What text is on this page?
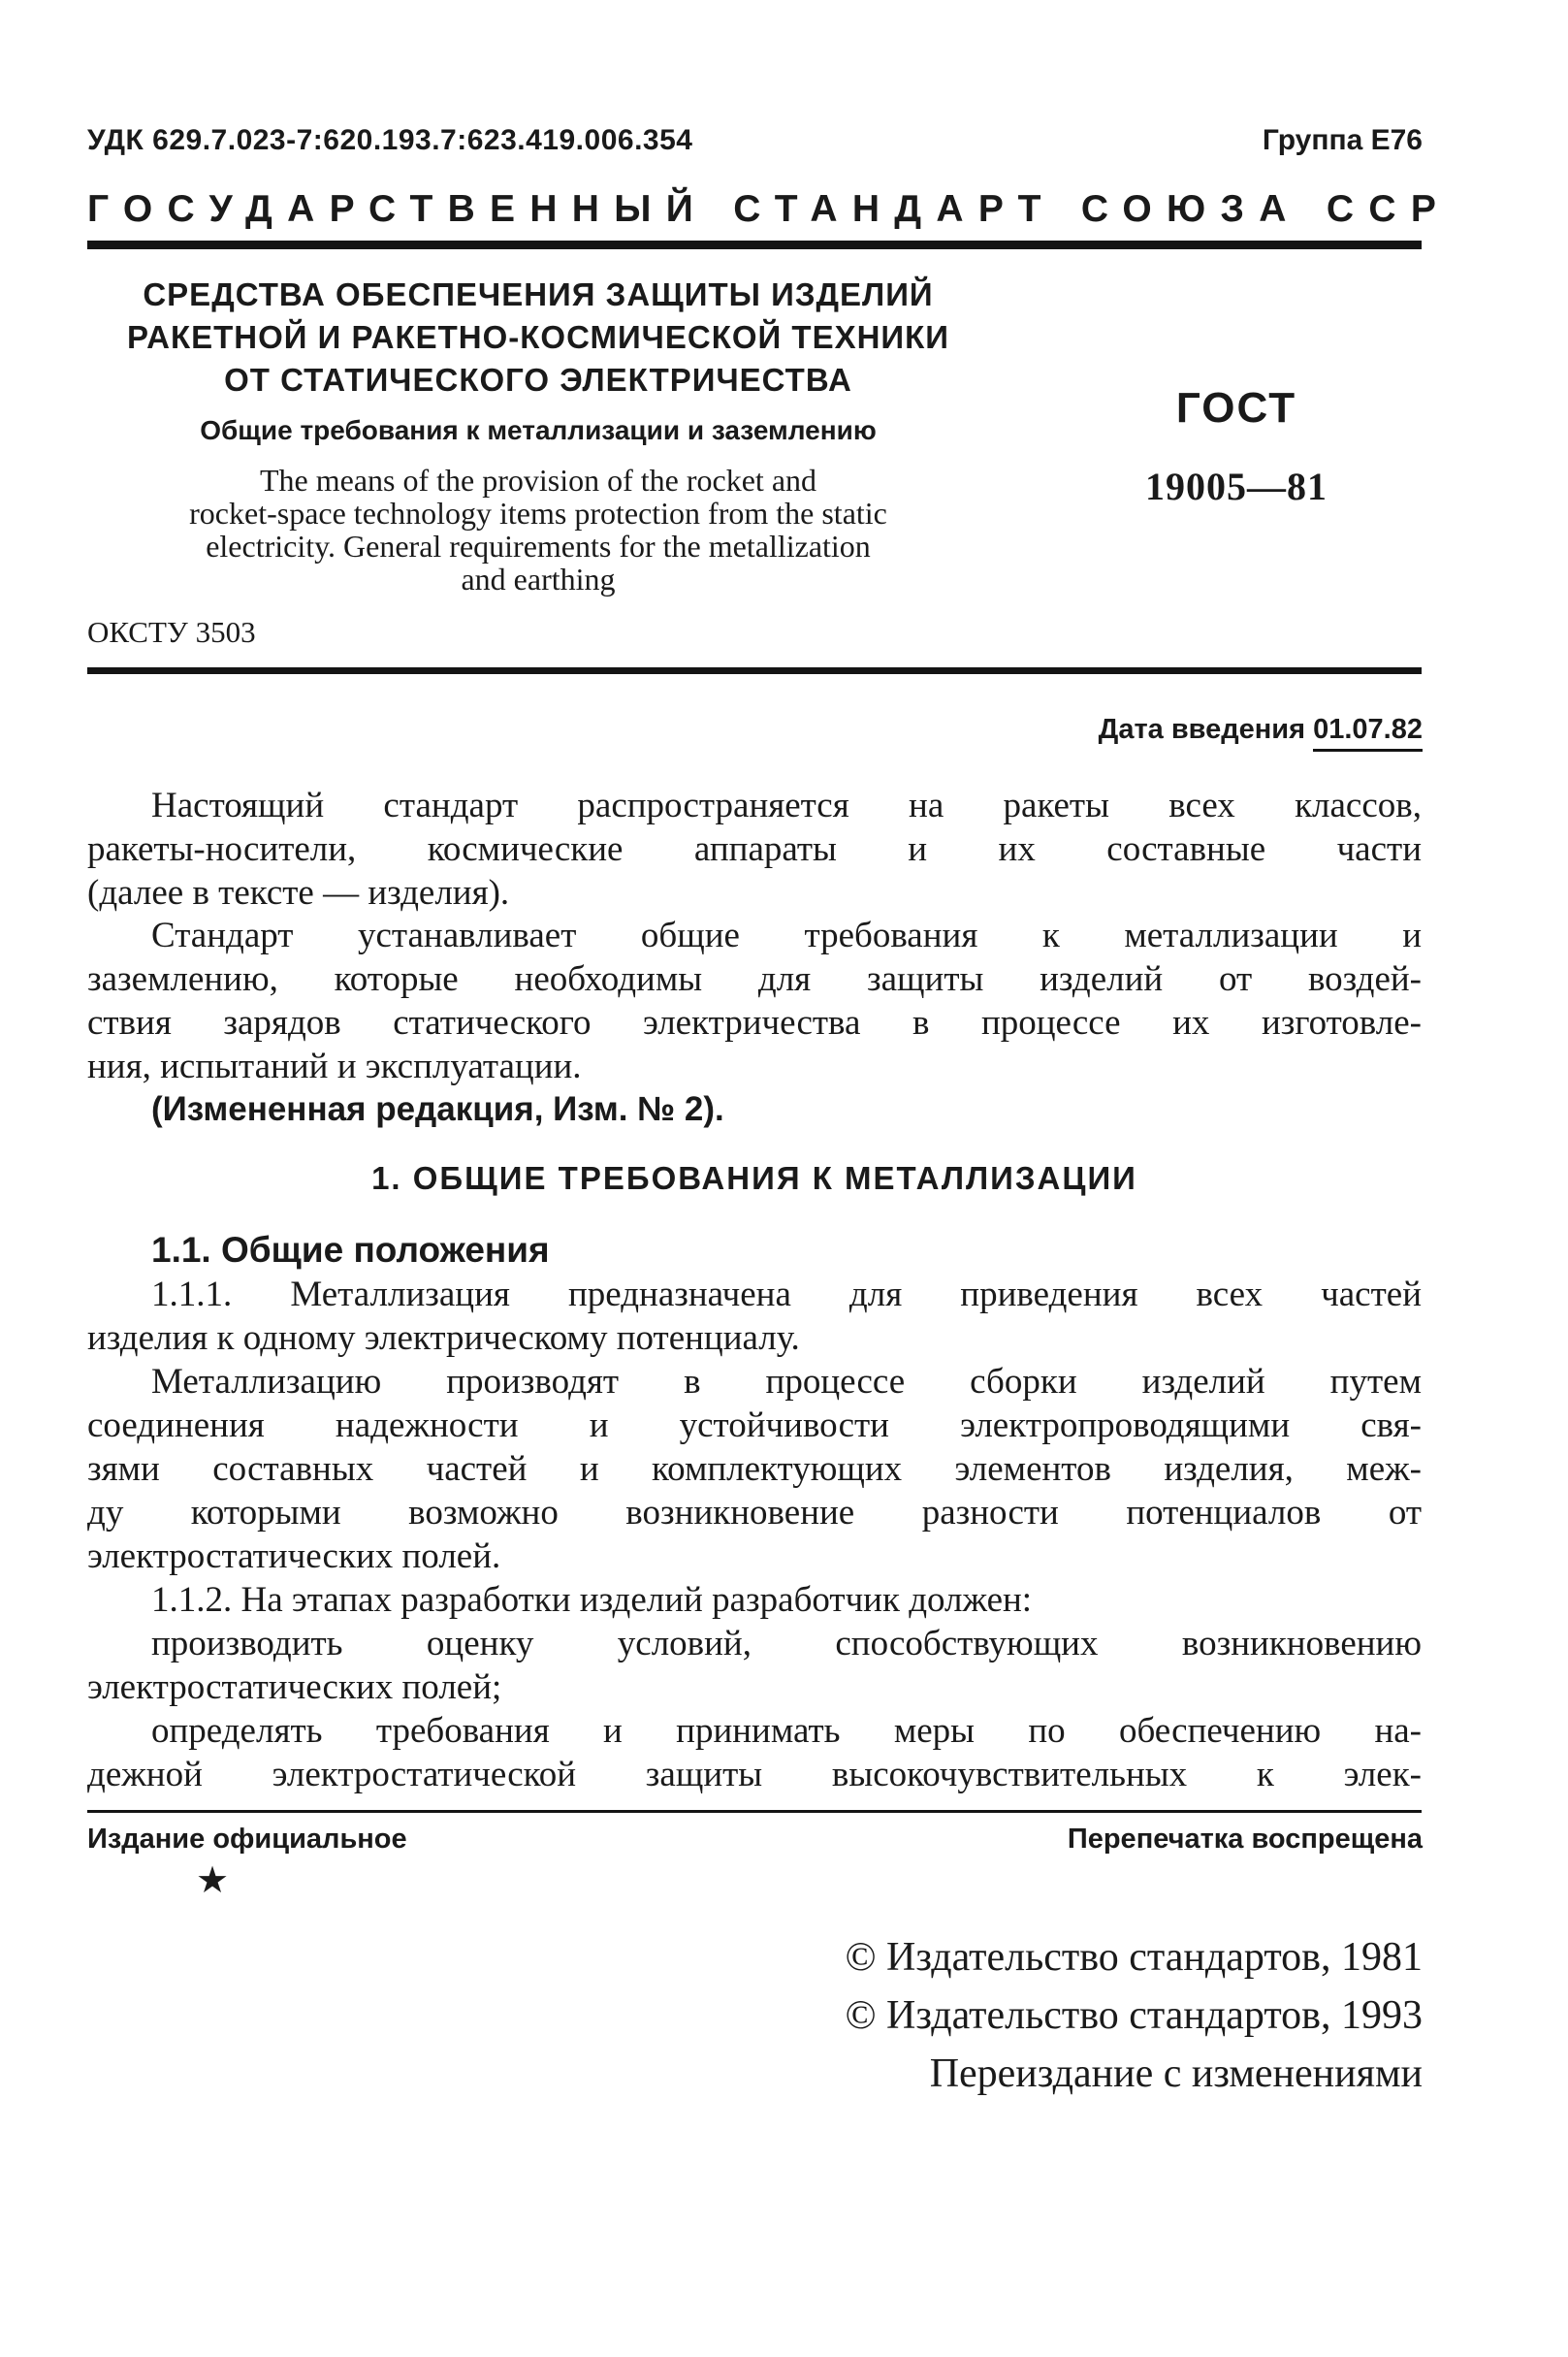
УДК 629.7.023-7:620.193.7:623.419.006.354	Группа Е76
ГОСУДАРСТВЕННЫЙ СТАНДАРТ СОЮЗА ССР
СРЕДСТВА ОБЕСПЕЧЕНИЯ ЗАЩИТЫ ИЗДЕЛИЙ
РАКЕТНОЙ И РАКЕТНО-КОСМИЧЕСКОЙ ТЕХНИКИ
ОТ СТАТИЧЕСКОГО ЭЛЕКТРИЧЕСТВА
Общие требования к металлизации и заземлению
The means of the provision of the rocket and
rocket-space technology items protection from the static
electricity. General requirements for the metallization
and earthing
ГОСТ
19005—81
ОКСТУ 3503
Дата введения 01.07.82
Настоящий стандарт распространяется на ракеты всех классов,
ракеты-носители, космические аппараты и их составные части
(далее в тексте — изделия).
Стандарт устанавливает общие требования к металлизации и
заземлению, которые необходимы для защиты изделий от воздей-
ствия зарядов статического электричества в процессе их изготовле-
ния, испытаний и эксплуатации.
(Измененная редакция, Изм. № 2).
1. ОБЩИЕ ТРЕБОВАНИЯ К МЕТАЛЛИЗАЦИИ
1.1. Общие положения
1.1.1. Металлизация предназначена для приведения всех частей
изделия к одному электрическому потенциалу.
Металлизацию производят в процессе сборки изделий путем
соединения надежности и устойчивости электропроводящими свя-
зями составных частей и комплектующих элементов изделия, меж-
ду которыми возможно возникновение разности потенциалов от
электростатических полей.
1.1.2. На этапах разработки изделий разработчик должен:
производить оценку условий, способствующих возникновению
электростатических полей;
определять требования и принимать меры по обеспечению на-
дежной электростатической защиты высокочувствительных к элек-
Издание официальное	Перепечатка воспрещена
★
© Издательство стандартов, 1981
© Издательство стандартов, 1993
Переиздание с изменениями
